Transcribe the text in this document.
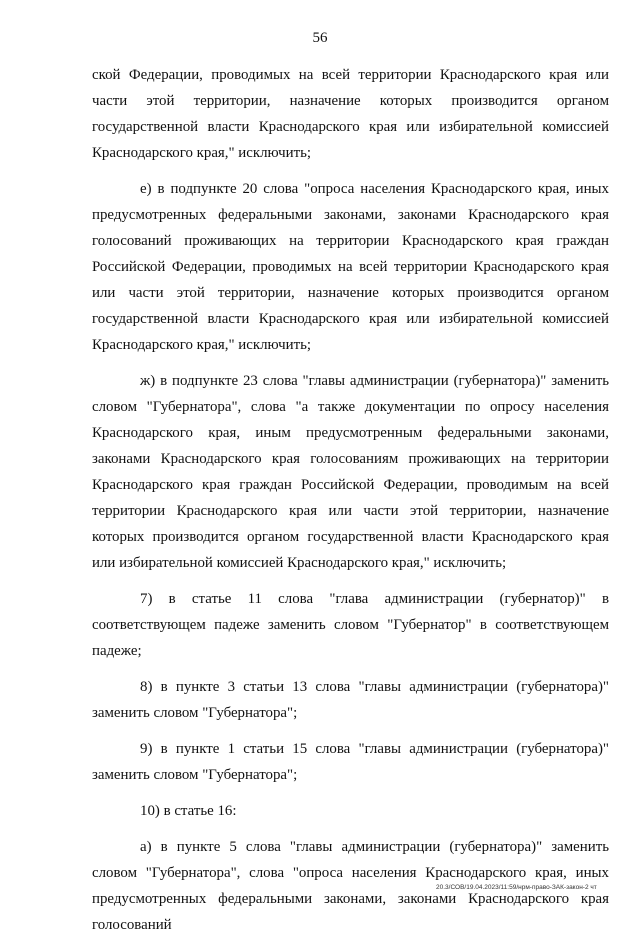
56

ской Федерации, проводимых на всей территории Краснодарского края или части этой территории, назначение которых производится органом государственной власти Краснодарского края или избирательной комиссией Краснодарского края," исключить;

е) в подпункте 20 слова "опроса населения Краснодарского края, иных предусмотренных федеральными законами, законами Краснодарского края голосований проживающих на территории Краснодарского края граждан Российской Федерации, проводимых на всей территории Краснодарского края или части этой территории, назначение которых производится органом государственной власти Краснодарского края или избирательной комиссией Краснодарского края," исключить;

ж) в подпункте 23 слова "главы администрации (губернатора)" заменить словом "Губернатора", слова "а также документации по опросу населения Краснодарского края, иным предусмотренным федеральными законами, законами Краснодарского края голосованиям проживающих на территории Краснодарского края граждан Российской Федерации, проводимым на всей территории Краснодарского края или части этой территории, назначение которых производится органом государственной власти Краснодарского края или избирательной комиссией Краснодарского края," исключить;

7) в статье 11 слова "глава администрации (губернатор)" в соответствующем падеже заменить словом "Губернатор" в соответствующем падеже;

8) в пункте 3 статьи 13 слова "главы администрации (губернатора)" заменить словом "Губернатора";

9) в пункте 1 статьи 15 слова "главы администрации (губернатора)" заменить словом "Губернатора";

10) в статье 16:

а) в пункте 5 слова "главы администрации (губернатора)" заменить словом "Губернатора", слова "опроса населения Краснодарского края, иных предусмотренных федеральными законами, законами Краснодарского края голосований

20.3/СОВ/19.04.2023/11:59/нрм-право-ЗАК-закон-2 чт
